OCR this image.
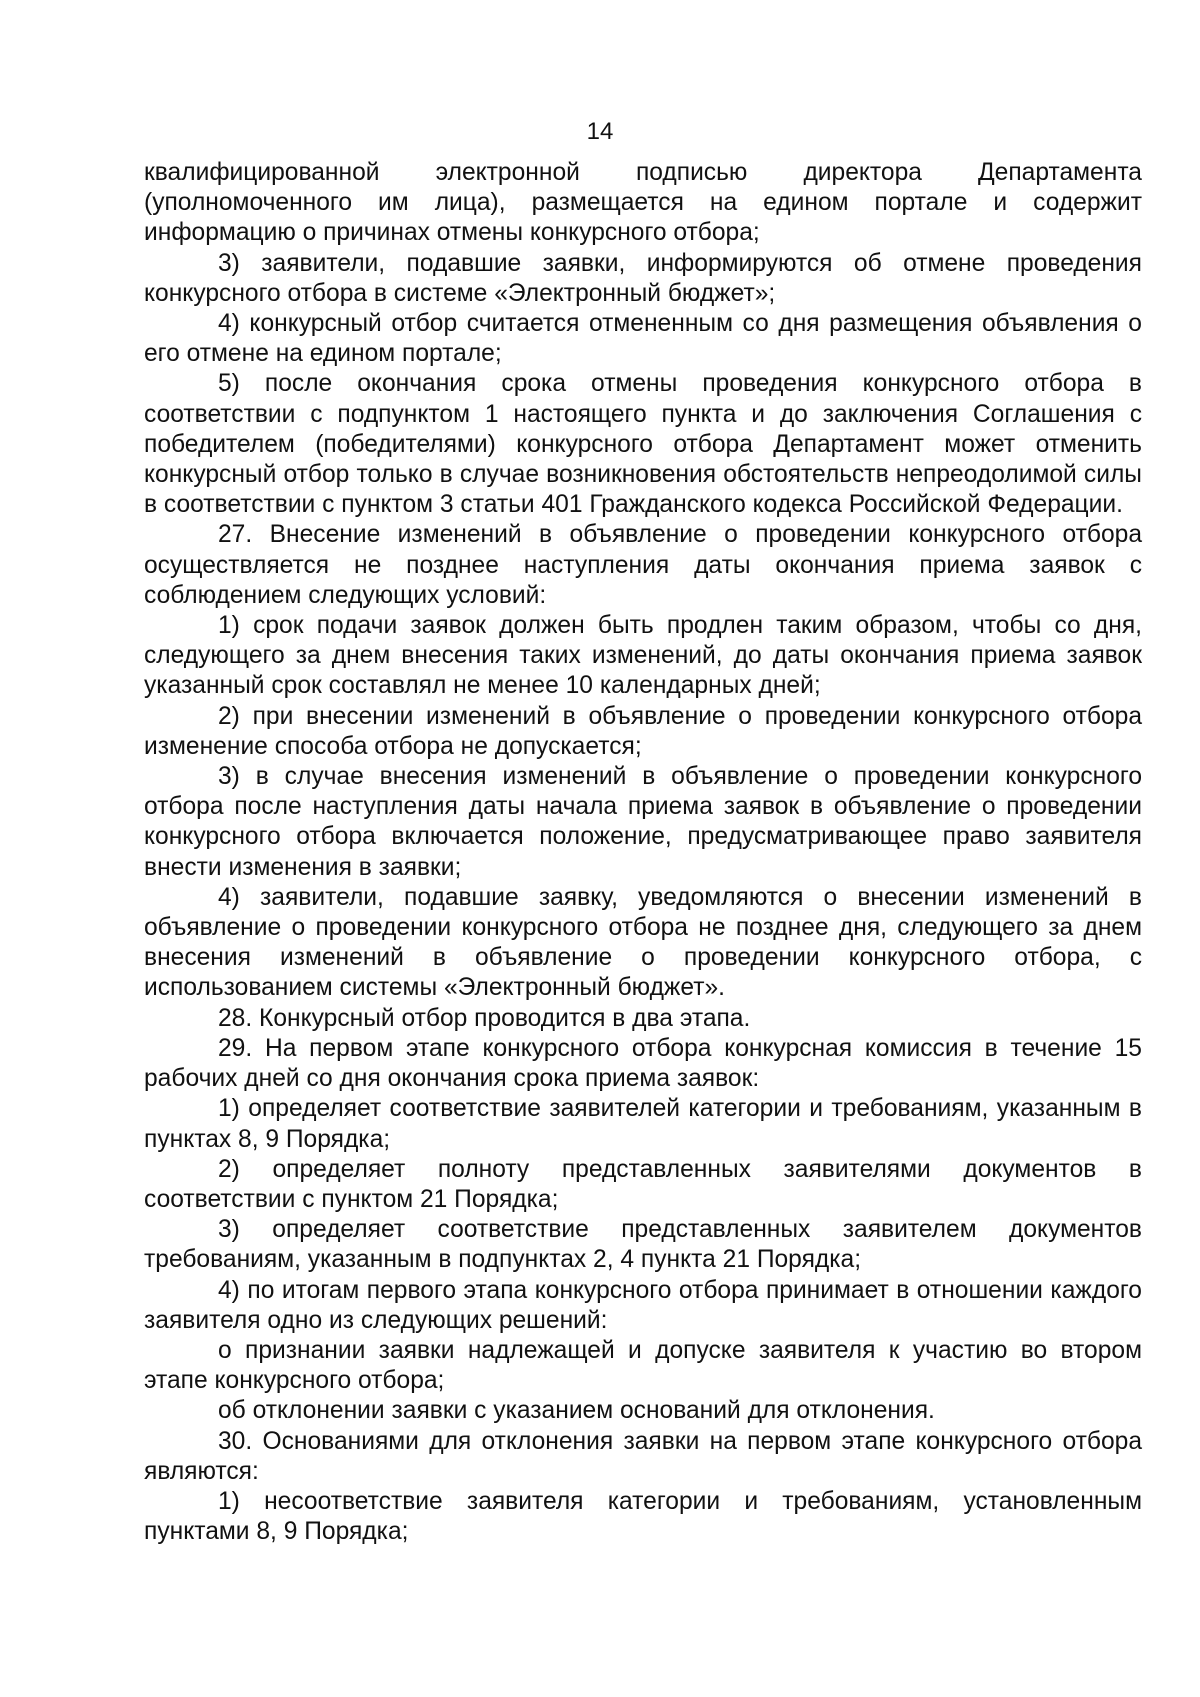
14

квалифицированной электронной подписью директора Департамента (уполномоченного им лица), размещается на едином портале и содержит информацию о причинах отмены конкурсного отбора;

3) заявители, подавшие заявки, информируются об отмене проведения конкурсного отбора в системе «Электронный бюджет»;

4) конкурсный отбор считается отмененным со дня размещения объявления о его отмене на едином портале;

5) после окончания срока отмены проведения конкурсного отбора в соответствии с подпунктом 1 настоящего пункта и до заключения Соглашения с победителем (победителями) конкурсного отбора Департамент может отменить конкурсный отбор только в случае возникновения обстоятельств непреодолимой силы в соответствии с пунктом 3 статьи 401 Гражданского кодекса Российской Федерации.

27. Внесение изменений в объявление о проведении конкурсного отбора осуществляется не позднее наступления даты окончания приема заявок с соблюдением следующих условий:

1) срок подачи заявок должен быть продлен таким образом, чтобы со дня, следующего за днем внесения таких изменений, до даты окончания приема заявок указанный срок составлял не менее 10 календарных дней;

2) при внесении изменений в объявление о проведении конкурсного отбора изменение способа отбора не допускается;

3) в случае внесения изменений в объявление о проведении конкурсного отбора после наступления даты начала приема заявок в объявление о проведении конкурсного отбора включается положение, предусматривающее право заявителя внести изменения в заявки;

4) заявители, подавшие заявку, уведомляются о внесении изменений в объявление о проведении конкурсного отбора не позднее дня, следующего за днем внесения изменений в объявление о проведении конкурсного отбора, с использованием системы «Электронный бюджет».

28. Конкурсный отбор проводится в два этапа.

29. На первом этапе конкурсного отбора конкурсная комиссия в течение 15 рабочих дней со дня окончания срока приема заявок:

1) определяет соответствие заявителей категории и требованиям, указанным в пунктах 8, 9 Порядка;

2) определяет полноту представленных заявителями документов в соответствии с пунктом 21 Порядка;

3) определяет соответствие представленных заявителем документов требованиям, указанным в подпунктах 2, 4 пункта 21 Порядка;

4) по итогам первого этапа конкурсного отбора принимает в отношении каждого заявителя одно из следующих решений:

о признании заявки надлежащей и допуске заявителя к участию во втором этапе конкурсного отбора;

об отклонении заявки с указанием оснований для отклонения.

30. Основаниями для отклонения заявки на первом этапе конкурсного отбора являются:

1) несоответствие заявителя категории и требованиям, установленным пунктами 8, 9 Порядка;
